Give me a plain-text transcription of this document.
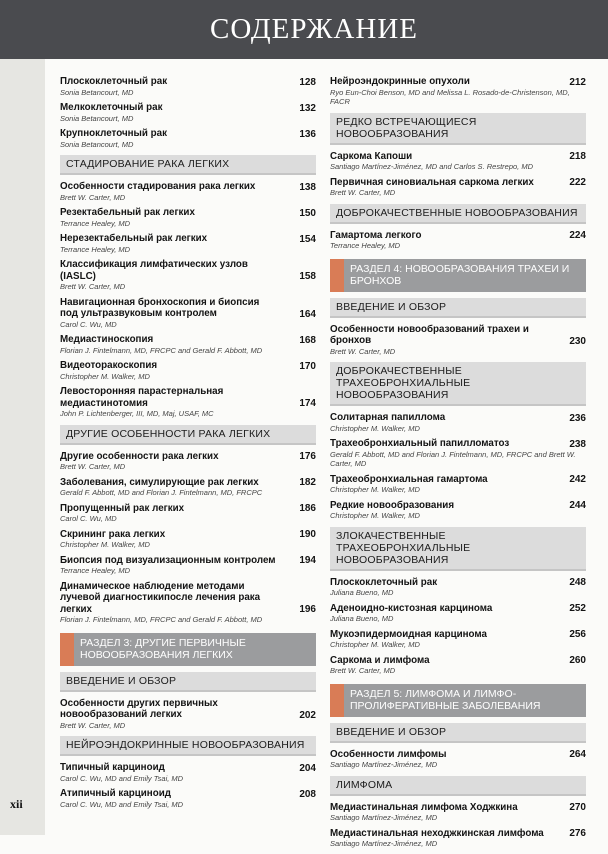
СОДЕРЖАНИЕ
xii
Плоскоклеточный рак	128
Sonia Betancourt, MD
Мелкоклеточный рак	132
Sonia Betancourt, MD
Крупноклеточный рак	136
Sonia Betancourt, MD
СТАДИРОВАНИЕ РАКА ЛЕГКИХ
Особенности стадирования рака легких	138
Brett W. Carter, MD
Резектабельный рак легких	150
Terrance Healey, MD
Нерезектабельный рак легких	154
Terrance Healey, MD
Классификация лимфатических узлов (IASLC)	158
Brett W. Carter, MD
Навигационная бронхоскопия и биопсия под ультразвуковым контролем	164
Carol C. Wu, MD
Медиастиноскопия	168
Florian J. Fintelmann, MD, FRCPC and Gerald F. Abbott, MD
Видеоторакоскопия	170
Christopher M. Walker, MD
Левосторонняя парастернальная медиастинотомия	174
John P. Lichtenberger, III, MD, Maj, USAF, MC
ДРУГИЕ ОСОБЕННОСТИ РАКА ЛЕГКИХ
Другие особенности рака легких	176
Brett W. Carter, MD
Заболевания, симулирующие рак легких	182
Gerald F. Abbott, MD and Florian J. Fintelmann, MD, FRCPC
Пропущенный рак легких	186
Carol C. Wu, MD
Скрининг рака легких	190
Christopher M. Walker, MD
Биопсия под визуализационным контролем	194
Terrance Healey, MD
Динамическое наблюдение методами лучевой диагностикипосле лечения рака легких	196
Florian J. Fintelmann, MD, FRCPC and Gerald F. Abbott, MD
РАЗДЕЛ 3: ДРУГИЕ ПЕРВИЧНЫЕ НОВООБРАЗОВАНИЯ ЛЕГКИХ
ВВЕДЕНИЕ И ОБЗОР
Особенности других первичных новообразований легких	202
Brett W. Carter, MD
НЕЙРОЭНДОКРИННЫЕ НОВООБРАЗОВАНИЯ
Типичный карциноид	204
Carol C. Wu, MD and Emily Tsai, MD
Атипичный карциноид	208
Carol C. Wu, MD and Emily Tsai, MD
Нейроэндокринные опухоли	212
Ryo Eun-Choi Benson, MD and Melissa L. Rosado-de-Christenson, MD, FACR
РЕДКО ВСТРЕЧАЮЩИЕСЯ НОВООБРАЗОВАНИЯ
Саркома Капоши	218
Santiago Martínez-Jiménez, MD and Carlos S. Restrepo, MD
Первичная синовиальная саркома легких	222
Brett W. Carter, MD
ДОБРОКАЧЕСТВЕННЫЕ НОВООБРАЗОВАНИЯ
Гамартома легкого	224
Terrance Healey, MD
РАЗДЕЛ 4: НОВООБРАЗОВАНИЯ ТРАХЕИ И БРОНХОВ
ВВЕДЕНИЕ И ОБЗОР
Особенности новообразований трахеи и бронхов	230
Brett W. Carter, MD
ДОБРОКАЧЕСТВЕННЫЕ ТРАХЕОБРОНХИАЛЬНЫЕ НОВООБРАЗОВАНИЯ
Солитарная папиллома	236
Christopher M. Walker, MD
Трахеобронхиальный папилломатоз	238
Gerald F. Abbott, MD and Florian J. Fintelmann, MD, FRCPC and Brett W. Carter, MD
Трахеобронхиальная гамартома	242
Christopher M. Walker, MD
Редкие новообразования	244
Christopher M. Walker, MD
ЗЛОКАЧЕСТВЕННЫЕ ТРАХЕОБРОНХИАЛЬНЫЕ НОВООБРАЗОВАНИЯ
Плоскоклеточный рак	248
Juliana Bueno, MD
Аденоидно-кистозная карцинома	252
Juliana Bueno, MD
Мукоэпидермоидная карцинома	256
Christopher M. Walker, MD
Саркома и лимфома	260
Brett W. Carter, MD
РАЗДЕЛ 5: ЛИМФОМА И ЛИМФО-ПРОЛИФЕРАТИВНЫЕ ЗАБОЛЕВАНИЯ
ВВЕДЕНИЕ И ОБЗОР
Особенности лимфомы	264
Santiago Martínez-Jiménez, MD
ЛИМФОМА
Медиастинальная лимфома Ходжкина	270
Santiago Martínez-Jiménez, MD
Медиастинальная неходжкинская лимфома	276
Santiago Martínez-Jiménez, MD
